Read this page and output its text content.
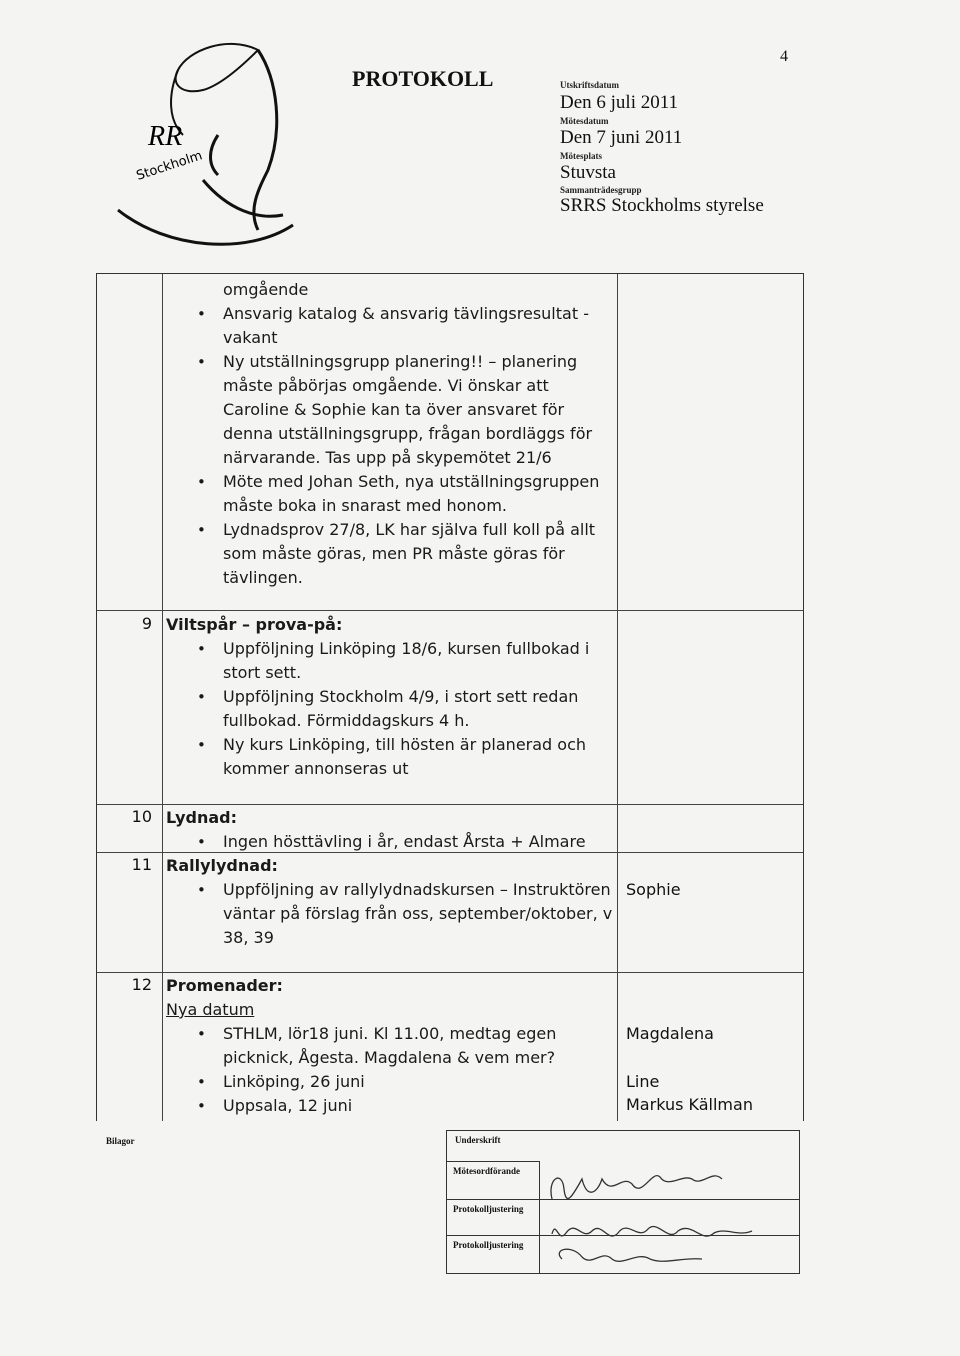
RR
Stockholm
PROTOKOLL
4
Utskriftsdatum
Den 6 juli 2011
Mötesdatum
Den 7 juni 2011
Mötesplats
Stuvsta
Sammanträdesgrupp
SRRS Stockholms styrelse
omgående
• Ansvarig katalog & ansvarig tävlingsresultat - vakant
• Ny utställningsgrupp planering!! – planering måste påbörjas omgående. Vi önskar att Caroline & Sophie kan ta över ansvaret för denna utställningsgrupp, frågan bordläggs för närvarande. Tas upp på skypemötet 21/6
• Möte med Johan Seth, nya utställningsgruppen måste boka in snarast med honom.
• Lydnadsprov 27/8, LK har själva full koll på allt som måste göras, men PR måste göras för tävlingen.
9 Viltspår – prova-på:
• Uppföljning Linköping 18/6, kursen fullbokad i stort sett.
• Uppföljning Stockholm 4/9, i stort sett redan fullbokad. Förmiddagskurs 4 h.
• Ny kurs Linköping, till hösten är planerad och kommer annonseras ut
10 Lydnad:
• Ingen hösttävling i år, endast Årsta + Almare
11 Rallylydnad:
• Uppföljning av rallylydnadskursen – Instruktören väntar på förslag från oss, september/oktober, v 38, 39
Sophie
12 Promenader:
Nya datum
• STHLM, lör18 juni. Kl 11.00, medtag egen picknick, Ågesta. Magdalena & vem mer?
• Linköping, 26 juni
• Uppsala, 12 juni
Magdalena
Line
Markus Källman
Bilagor	Underskrift
Mötesordförande
Protokolljustering
Protokolljustering
